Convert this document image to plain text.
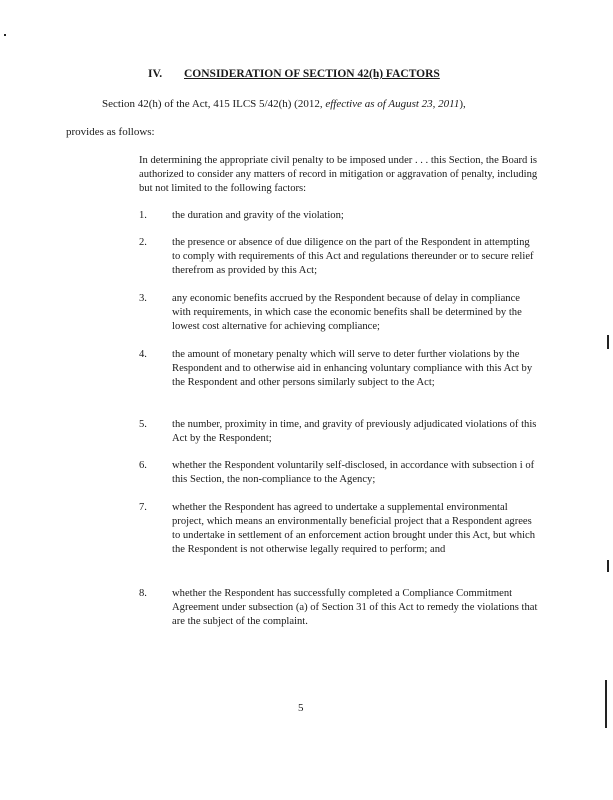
IV. CONSIDERATION OF SECTION 42(h) FACTORS
Section 42(h) of the Act, 415 ILCS 5/42(h) (2012, effective as of August 23, 2011),
provides as follows:

In determining the appropriate civil penalty to be imposed under . . . this Section, the Board is authorized to consider any matters of record in mitigation or aggravation of penalty, including but not limited to the following factors:

1. the duration and gravity of the violation;
2. the presence or absence of due diligence on the part of the Respondent in attempting to comply with requirements of this Act and regulations thereunder or to secure relief therefrom as provided by this Act;
3. any economic benefits accrued by the Respondent because of delay in compliance with requirements, in which case the economic benefits shall be determined by the lowest cost alternative for achieving compliance;
4. the amount of monetary penalty which will serve to deter further violations by the Respondent and to otherwise aid in enhancing voluntary compliance with this Act by the Respondent and other persons similarly subject to the Act;
5. the number, proximity in time, and gravity of previously adjudicated violations of this Act by the Respondent;
6. whether the Respondent voluntarily self-disclosed, in accordance with subsection i of this Section, the non-compliance to the Agency;
7. whether the Respondent has agreed to undertake a supplemental environmental project, which means an environmentally beneficial project that a Respondent agrees to undertake in settlement of an enforcement action brought under this Act, but which the Respondent is not otherwise legally required to perform; and
8. whether the Respondent has successfully completed a Compliance Commitment Agreement under subsection (a) of Section 31 of this Act to remedy the violations that are the subject of the complaint.
5
